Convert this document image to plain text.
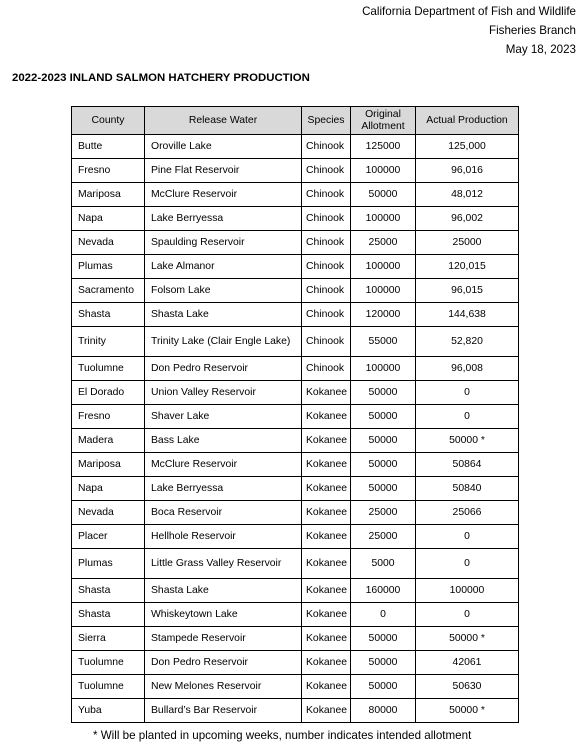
California Department of Fish and Wildlife
Fisheries Branch
May 18, 2023
2022-2023 INLAND SALMON HATCHERY PRODUCTION
County	Release Water	Species	Original Allotment	Actual Production
Butte	Oroville Lake	Chinook	125000	125,000
Fresno	Pine Flat Reservoir	Chinook	100000	96,016
Mariposa	McClure Reservoir	Chinook	50000	48,012
Napa	Lake Berryessa	Chinook	100000	96,002
Nevada	Spaulding Reservoir	Chinook	25000	25000
Plumas	Lake Almanor	Chinook	100000	120,015
Sacramento	Folsom Lake	Chinook	100000	96,015
Shasta	Shasta Lake	Chinook	120000	144,638
Trinity	Trinity Lake (Clair Engle Lake)	Chinook	55000	52,820
Tuolumne	Don Pedro Reservoir	Chinook	100000	96,008
El Dorado	Union Valley Reservoir	Kokanee	50000	0
Fresno	Shaver Lake	Kokanee	50000	0
Madera	Bass Lake	Kokanee	50000	50000 *
Mariposa	McClure Reservoir	Kokanee	50000	50864
Napa	Lake Berryessa	Kokanee	50000	50840
Nevada	Boca Reservoir	Kokanee	25000	25066
Placer	Hellhole Reservoir	Kokanee	25000	0
Plumas	Little Grass Valley Reservoir	Kokanee	5000	0
Shasta	Shasta Lake	Kokanee	160000	100000
Shasta	Whiskeytown Lake	Kokanee	0	0
Sierra	Stampede Reservoir	Kokanee	50000	50000 *
Tuolumne	Don Pedro Reservoir	Kokanee	50000	42061
Tuolumne	New Melones Reservoir	Kokanee	50000	50630
Yuba	Bullard’s Bar Reservoir	Kokanee	80000	50000 *
* Will be planted in upcoming weeks, number indicates intended allotment
